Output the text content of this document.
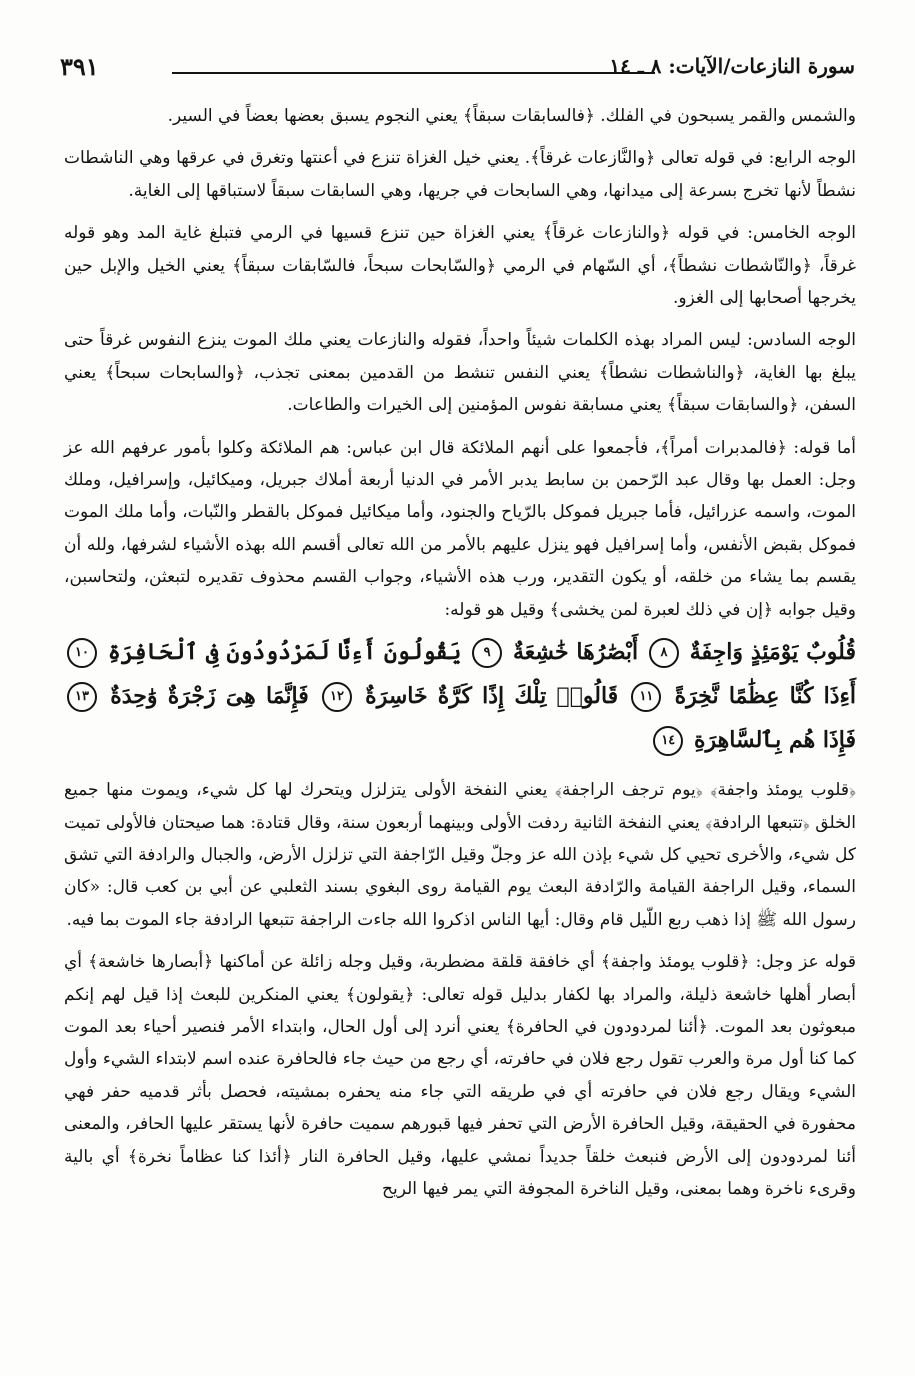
سورة النازعات/الآيات: ٨ ـ ١٤
٣٩١

والشمس والقمر يسبحون في الفلك. ﴿فالسابقات سبقاً﴾ يعني النجوم يسبق بعضها بعضاً في السير.

الوجه الرابع: في قوله تعالى ﴿والنَّازعات غرقاً﴾. يعني خيل الغزاة تنزع في أعنتها وتغرق في عرقها وهي الناشطات نشطاً لأنها تخرج بسرعة إلى ميدانها، وهي السابحات في جريها، وهي السابقات سبقاً لاستباقها إلى الغاية.

الوجه الخامس: في قوله ﴿والنازعات غرقاً﴾ يعني الغزاة حين تنزع قسيها في الرمي فتبلغ غاية المد وهو قوله غرقاً، ﴿والنّاشطات نشطاً﴾، أي السّهام في الرمي ﴿والسّابحات سبحاً، فالسّابقات سبقاً﴾ يعني الخيل والإبل حين يخرجها أصحابها إلى الغزو.

الوجه السادس: ليس المراد بهذه الكلمات شيئاً واحداً، فقوله والنازعات يعني ملك الموت ينزع النفوس غرقاً حتى يبلغ بها الغاية، ﴿والناشطات نشطاً﴾ يعني النفس تنشط من القدمين بمعنى تجذب، ﴿والسابحات سبحاً﴾ يعني السفن، ﴿والسابقات سبقاً﴾ يعني مسابقة نفوس المؤمنين إلى الخيرات والطاعات.

أما قوله: ﴿فالمدبرات أمراً﴾، فأجمعوا على أنهم الملائكة قال ابن عباس: هم الملائكة وكلوا بأمور عرفهم الله عز وجل: العمل بها وقال عبد الرّحمن بن سابط يدبر الأمر في الدنيا أربعة أملاك جبريل، وميكائيل، وإسرافيل، وملك الموت، واسمه عزرائيل، فأما جبريل فموكل بالرّياح والجنود، وأما ميكائيل فموكل بالقطر والنّبات، وأما ملك الموت فموكل بقبض الأنفس، وأما إسرافيل فهو ينزل عليهم بالأمر من الله تعالى أقسم الله بهذه الأشياء لشرفها، ولله أن يقسم بما يشاء من خلقه، أو يكون التقدير، ورب هذه الأشياء، وجواب القسم محذوف تقديره لتبعثن، ولتحاسبن، وقيل جوابه ﴿إن في ذلك لعبرة لمن يخشى﴾ وقيل هو قوله:

قُلُوبٌ يَوْمَئِذٍ وَاجِفَةٌ ٨ أَبْصَٰرُهَا خَٰشِعَةٌ ٩ يَقُولُونَ أَءِنَّا لَمَرْدُودُونَ فِى ٱلْحَافِرَةِ ١٠ أَءِذَا كُنَّا عِظَٰمًا نَّخِرَةً ١١ قَالُوا۟ تِلْكَ إِذًا كَرَّةٌ خَاسِرَةٌ ١٢ فَإِنَّمَا هِىَ زَجْرَةٌ وَٰحِدَةٌ ١٣ فَإِذَا هُم بِٱلسَّاهِرَةِ ١٤

﴿قلوب يومئذ واجفة﴾ ﴿يوم ترجف الراجفة﴾ يعني النفخة الأولى يتزلزل ويتحرك لها كل شيء، ويموت منها جميع الخلق ﴿تتبعها الرادفة﴾ يعني النفخة الثانية ردفت الأولى وبينهما أربعون سنة، وقال قتادة: هما صيحتان فالأولى تميت كل شيء، والأخرى تحيي كل شيء بإذن الله عز وجلّ وقيل الرّاجفة التي تزلزل الأرض، والجبال والرادفة التي تشق السماء، وقيل الراجفة القيامة والرّادفة البعث يوم القيامة روى البغوي بسند الثعلبي عن أبي بن كعب قال: «كان رسول الله ﷺ إذا ذهب ربع اللّيل قام وقال: أيها الناس اذكروا الله جاءت الراجفة تتبعها الرادفة جاء الموت بما فيه.

قوله عز وجل: ﴿قلوب يومئذ واجفة﴾ أي خافقة قلقة مضطربة، وقيل وجله زائلة عن أماكنها ﴿أبصارها خاشعة﴾ أي أبصار أهلها خاشعة ذليلة، والمراد بها لكفار بدليل قوله تعالى: ﴿يقولون﴾ يعني المنكرين للبعث إذا قيل لهم إنكم مبعوثون بعد الموت. ﴿أئنا لمردودون في الحافرة﴾ يعني أنرد إلى أول الحال، وابتداء الأمر فنصير أحياء بعد الموت كما كنا أول مرة والعرب تقول رجع فلان في حافرته، أي رجع من حيث جاء فالحافرة عنده اسم لابتداء الشيء وأول الشيء ويقال رجع فلان في حافرته أي في طريقه التي جاء منه يحفره بمشيته، فحصل بأثر قدميه حفر فهي محفورة في الحقيقة، وقيل الحافرة الأرض التي تحفر فيها قبورهم سميت حافرة لأنها يستقر عليها الحافر، والمعنى أئنا لمردودون إلى الأرض فنبعث خلقاً جديداً نمشي عليها، وقيل الحافرة النار ﴿أئذا كنا عظاماً نخرة﴾ أي بالية وقرىء ناخرة وهما بمعنى، وقيل الناخرة المجوفة التي يمر فيها الريح
